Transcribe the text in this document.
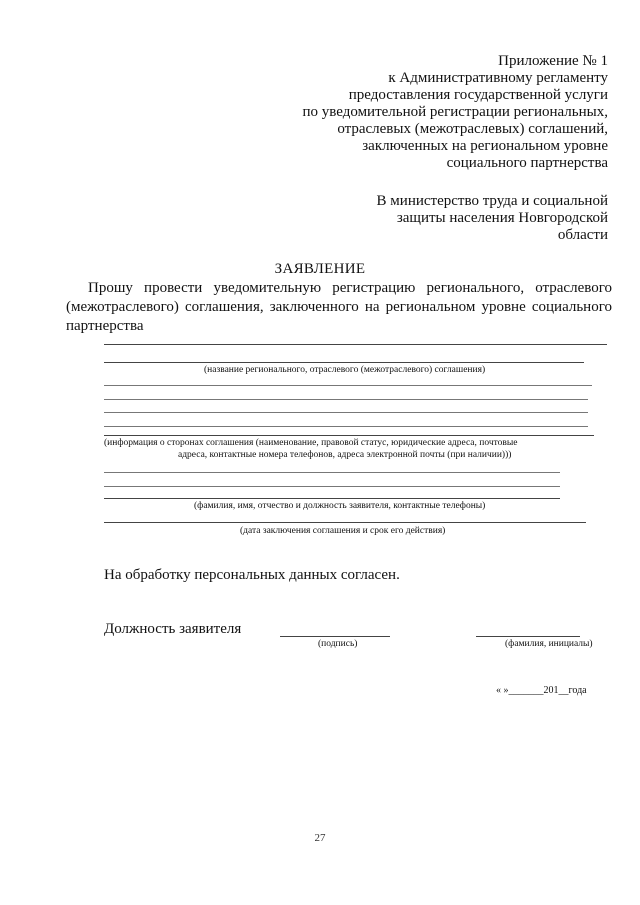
Приложение № 1
к Административному регламенту
предоставления государственной услуги
по уведомительной регистрации региональных,
отраслевых (межотраслевых) соглашений,
заключенных на региональном уровне
социального партнерства
В министерство труда и социальной
защиты населения Новгородской
области
ЗАЯВЛЕНИЕ
Прошу провести уведомительную регистрацию регионального, отраслевого (межотраслевого) соглашения, заключенного на региональном уровне социального партнерства
(название регионального, отраслевого (межотраслевого) соглашения)
(информация о сторонах соглашения (наименование, правовой статус, юридические адреса, почтовые
адреса, контактные номера телефонов, адреса электронной почты (при наличии)))
(фамилия, имя, отчество и должность заявителя, контактные телефоны)
(дата заключения соглашения и срок его действия)
На обработку персональных данных согласен.
Должность заявителя
(подпись)	(фамилия, инициалы)
« »_______201__года
27
